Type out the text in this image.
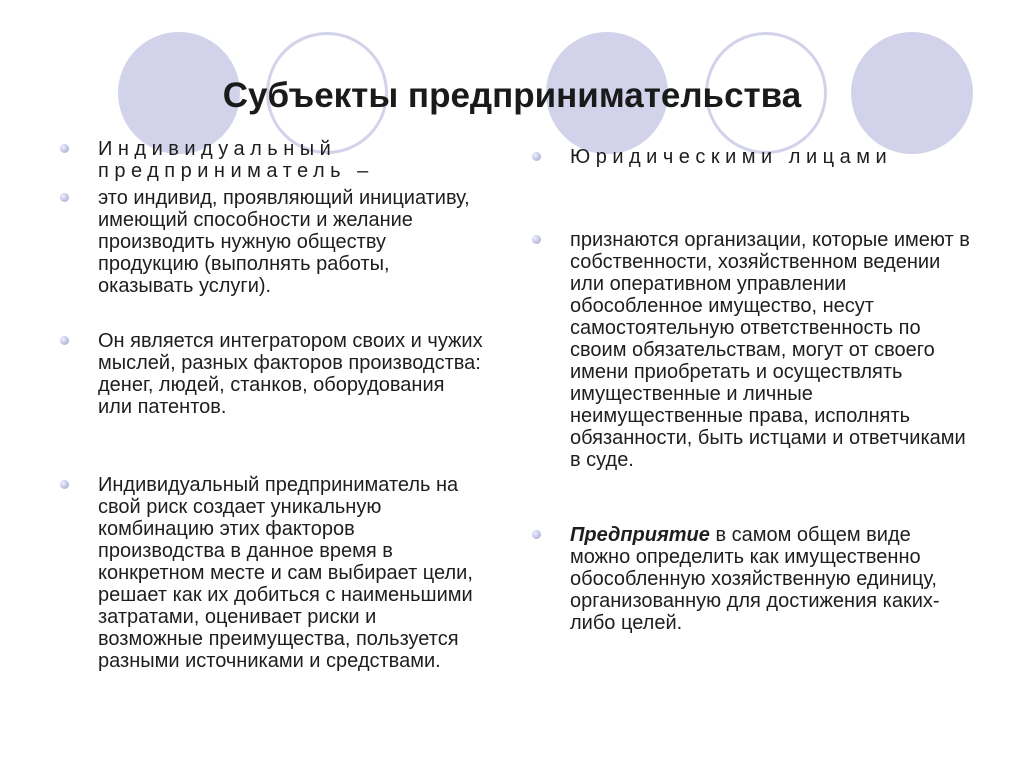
Субъекты предпринимательства

Индивидуальный предприниматель –

это индивид, проявляющий инициативу, имеющий способности и желание производить нужную обществу продукцию (выполнять работы, оказывать услуги).

Он является интегратором своих и чужих мыслей, разных факторов производства: денег, людей, станков, оборудования или патентов.

Индивидуальный предприниматель на свой риск создает уникальную комбинацию этих факторов производства в данное время в конкретном месте и сам выбирает цели, решает как их добиться с наименьшими затратами, оценивает риски и возможные преимущества, пользуется разными источниками и средствами.

Юридическими лицами

признаются организации, которые имеют в собственности, хозяйственном ведении или оперативном управлении обособленное имущество, несут самостоятельную ответственность по своим обязательствам, могут от своего имени приобретать и осуществлять имущественные и личные неимущественные права, исполнять обязанности, быть истцами и ответчиками в суде.

Предприятие в самом общем виде можно определить как имущественно обособленную хозяйственную единицу, организованную для достижения каких-либо целей.
